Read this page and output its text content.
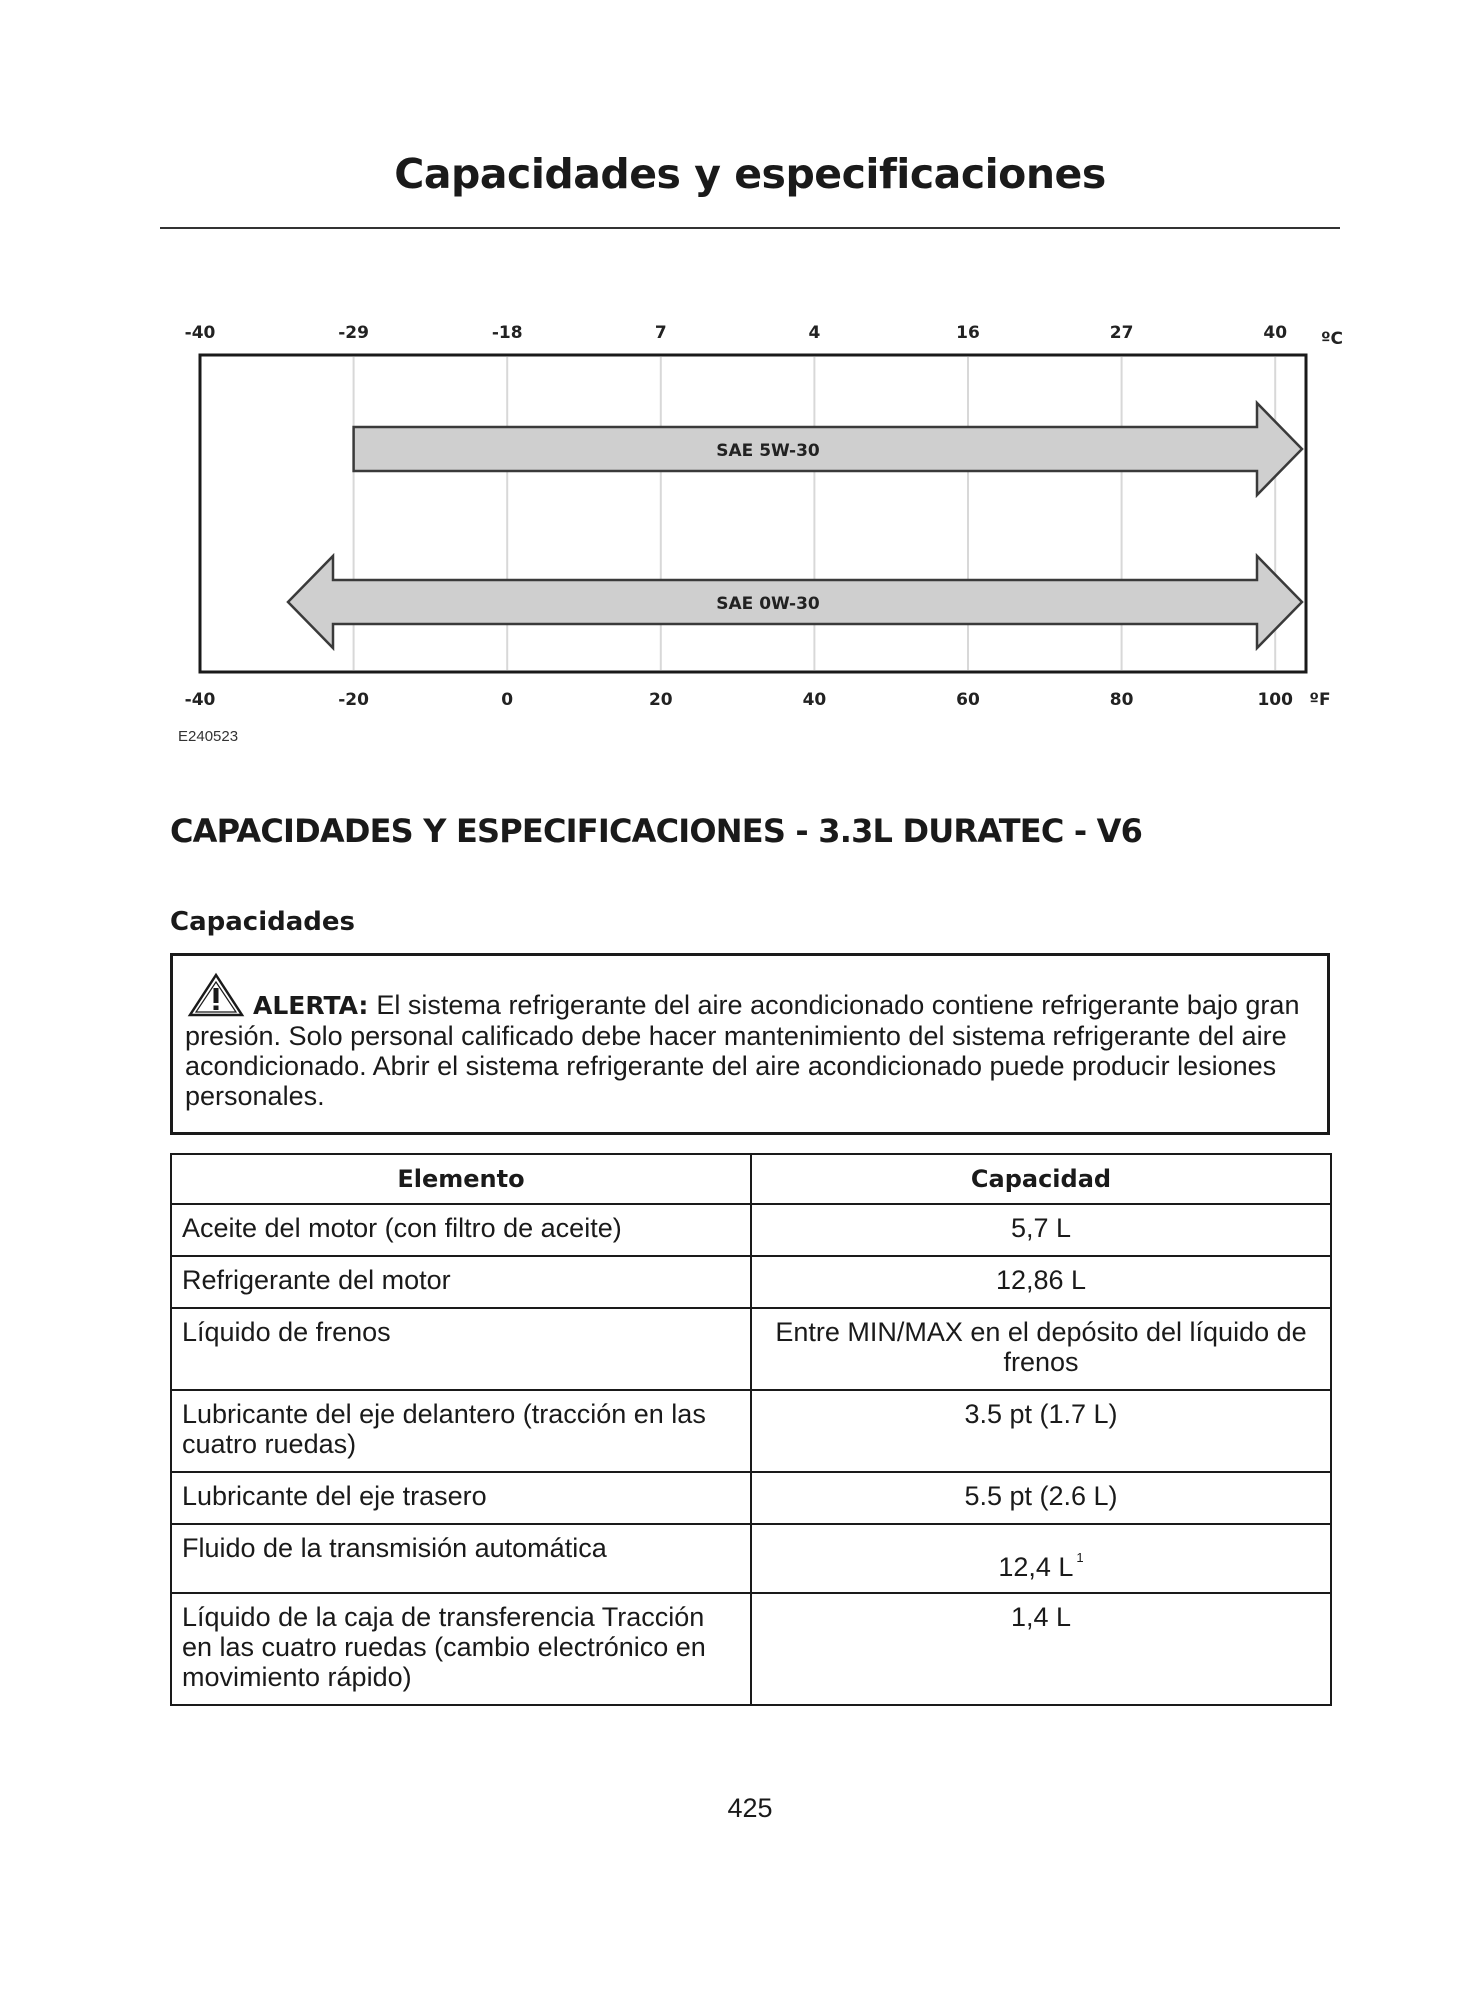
Capacidades y especificaciones
SAE 5W-30
SAE 0W-30
-40	-29	-18	7	4	16	27	40 ºC
-40	-20	0	20	40	60	80	100 ºF
E240523
CAPACIDADES Y ESPECIFICACIONES - 3.3L DURATEC - V6
Capacidades
ALERTA: El sistema refrigerante del aire acondicionado contiene refrigerante bajo gran presión. Solo personal calificado debe hacer mantenimiento del sistema refrigerante del aire acondicionado. Abrir el sistema refrigerante del aire acondicionado puede producir lesiones personales.
Elemento	Capacidad
Aceite del motor (con filtro de aceite)	5,7 L
Refrigerante del motor	12,86 L
Líquido de frenos	Entre MIN/MAX en el depósito del líquido de frenos
Lubricante del eje delantero (tracción en las cuatro ruedas)	3.5 pt (1.7 L)
Lubricante del eje trasero	5.5 pt (2.6 L)
Fluido de la transmisión automática	12,4 L $^1$
Líquido de la caja de transferencia Tracción en las cuatro ruedas (cambio electrónico en movimiento rápido)	1,4 L
425
